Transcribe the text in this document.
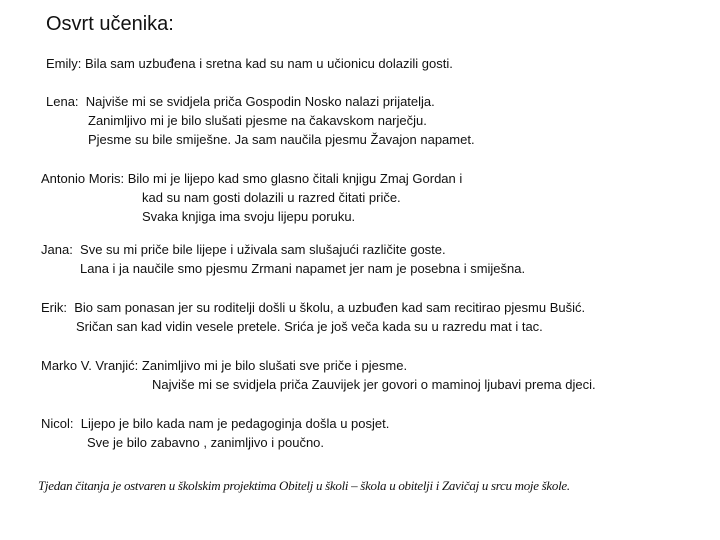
Osvrt učenika:
Emily: Bila sam uzbuđena i sretna kad su nam u učionicu dolazili gosti.
Lena: Najviše mi se svidjela priča Gospodin Nosko nalazi prijatelja.
Zanimljivo mi je bilo slušati pjesme na čakavskom narječju.
Pjesme su bile smiješne. Ja sam naučila pjesmu Žavajon napamet.
Antonio Moris: Bilo mi je lijepo kad smo glasno čitali knjigu Zmaj Gordan i
kad su nam gosti dolazili u razred čitati priče.
Svaka knjiga ima svoju lijepu poruku.
Jana: Sve su mi priče bile lijepe i uživala sam slušajući različite goste.
Lana i ja naučile smo pjesmu Zrmani napamet jer nam je posebna i smiješna.
Erik: Bio sam ponasan jer su roditelji došli u školu, a uzbuđen kad sam recitirao pjesmu Bušić.
Sričan san kad vidin vesele pretele. Srića je još veča kada su u razredu mat i tac.
Marko V. Vranjić: Zanimljivo mi je bilo slušati sve priče i pjesme.
Najviše mi se svidjela priča Zauvijek jer govori o maminoj ljubavi prema djeci.
Nicol: Lijepo je bilo kada nam je pedagoginja došla u posjet.
Sve je bilo zabavno , zanimljivo i poučno.
Tjedan čitanja je ostvaren u školskim projektima Obitelj u školi – škola u obitelji i Zavičaj u srcu moje škole.
